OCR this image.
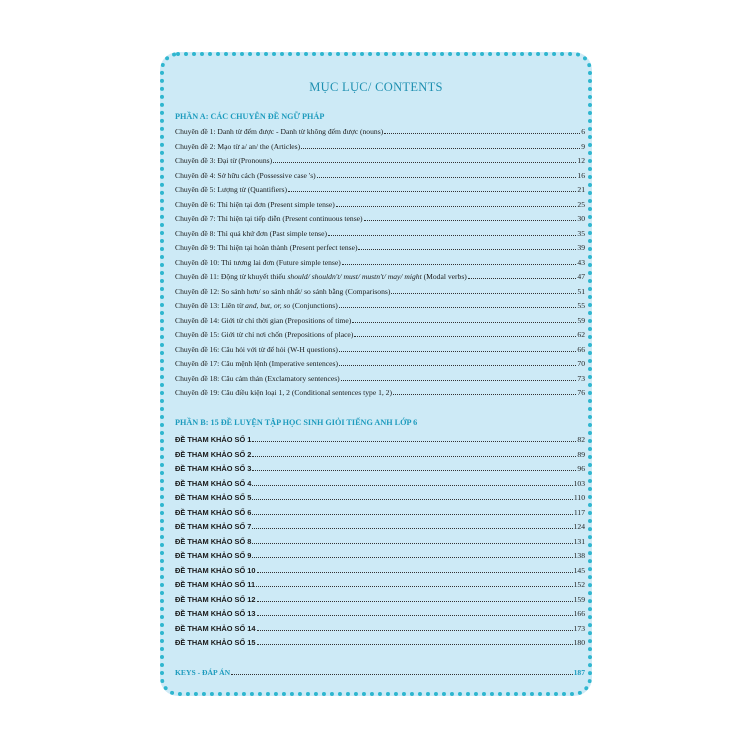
MỤC LỤC/ CONTENTS
PHẦN A: CÁC CHUYÊN ĐỀ NGỮ PHÁP
Chuyên đề 1: Danh từ đếm được - Danh từ không đếm được (nouns)	6
Chuyên đề 2: Mạo từ a/ an/ the (Articles)	9
Chuyên đề 3: Đại từ (Pronouns)	12
Chuyên đề 4: Sở hữu cách (Possessive case 's)	16
Chuyên đề 5: Lượng từ (Quantifiers)	21
Chuyên đề 6: Thì hiện tại đơn (Present simple tense)	25
Chuyên đề 7: Thì hiện tại tiếp diễn (Present continuous tense)	30
Chuyên đề 8: Thì quá khứ đơn (Past simple tense)	35
Chuyên đề 9: Thì hiện tại hoàn thành (Present perfect tense)	39
Chuyên đề 10: Thì tương lai đơn (Future simple tense)	43
Chuyên đề 11: Động từ khuyết thiếu should/ shouldn't/ must/ mustn't/ may/ might (Modal verbs)	47
Chuyên đề 12: So sánh hơn/ so sánh nhất/ so sánh bằng (Comparisons)	51
Chuyên đề 13: Liên từ and, but, or, so (Conjunctions)	55
Chuyên đề 14: Giới từ chỉ thời gian (Prepositions of time)	59
Chuyên đề 15: Giới từ chỉ nơi chốn (Prepositions of place)	62
Chuyên đề 16: Câu hỏi với từ để hỏi (W-H questions)	66
Chuyên đề 17: Câu mệnh lệnh (Imperative sentences)	70
Chuyên đề 18: Câu cảm thán (Exclamatory sentences)	73
Chuyên đề 19: Câu điều kiện loại 1, 2 (Conditional sentences type 1, 2)	76
PHẦN B: 15 ĐỀ LUYỆN TẬP HỌC SINH GIỎI TIẾNG ANH LỚP 6
ĐỀ THAM KHẢO SỐ 1	82
ĐỀ THAM KHẢO SỐ 2	89
ĐỀ THAM KHẢO SỐ 3	96
ĐỀ THAM KHẢO SỐ 4	103
ĐỀ THAM KHẢO SỐ 5	110
ĐỀ THAM KHẢO SỐ 6	117
ĐỀ THAM KHẢO SỐ 7	124
ĐỀ THAM KHẢO SỐ 8	131
ĐỀ THAM KHẢO SỐ 9	138
ĐỀ THAM KHẢO SỐ 10	145
ĐỀ THAM KHẢO SỐ 11	152
ĐỀ THAM KHẢO SỐ 12	159
ĐỀ THAM KHẢO SỐ 13	166
ĐỀ THAM KHẢO SỐ 14	173
ĐỀ THAM KHẢO SỐ 15	180
KEYS - ĐÁP ÁN	187
